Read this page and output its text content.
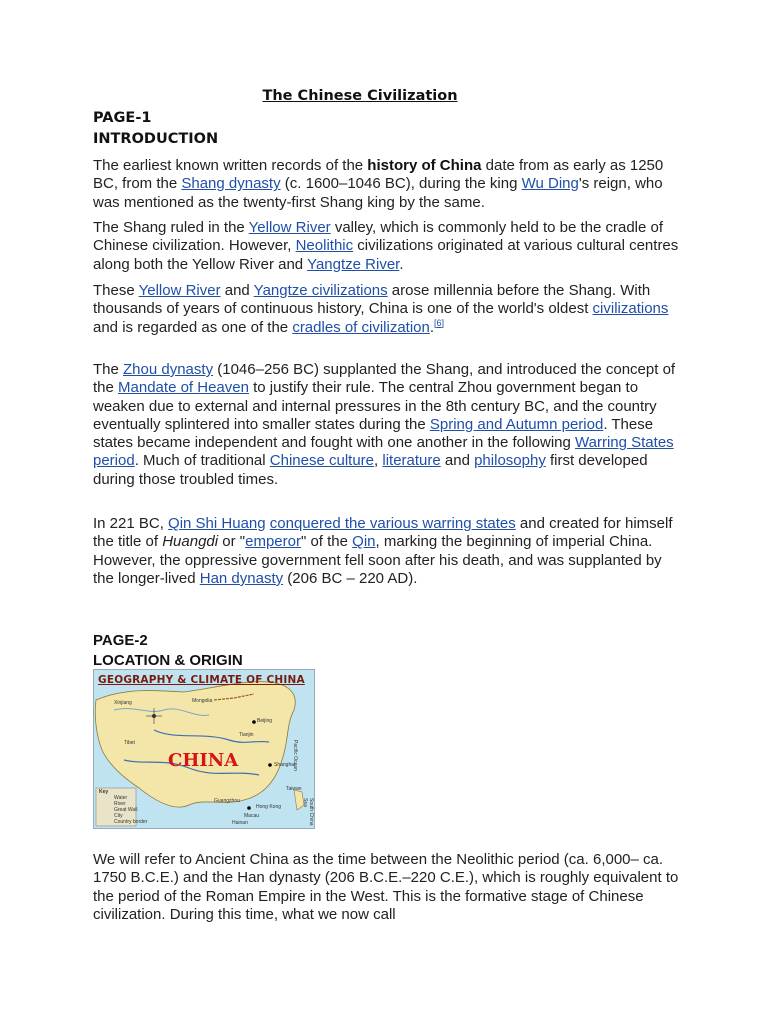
The Chinese Civilization
PAGE-1
INTRODUCTION
The earliest known written records of the history of China date from as early as 1250 BC, from the Shang dynasty (c. 1600–1046 BC), during the king Wu Ding's reign, who was mentioned as the twenty-first Shang king by the same.
The Shang ruled in the Yellow River valley, which is commonly held to be the cradle of Chinese civilization. However, Neolithic civilizations originated at various cultural centres along both the Yellow River and Yangtze River.
These Yellow River and Yangtze civilizations arose millennia before the Shang. With thousands of years of continuous history, China is one of the world's oldest civilizations and is regarded as one of the cradles of civilization.[6]
The Zhou dynasty (1046–256 BC) supplanted the Shang, and introduced the concept of the Mandate of Heaven to justify their rule. The central Zhou government began to weaken due to external and internal pressures in the 8th century BC, and the country eventually splintered into smaller states during the Spring and Autumn period. These states became independent and fought with one another in the following Warring States period. Much of traditional Chinese culture, literature and philosophy first developed during those troubled times.
In 221 BC, Qin Shi Huang conquered the various warring states and created for himself the title of Huangdi or "emperor" of the Qin, marking the beginning of imperial China. However, the oppressive government fell soon after his death, and was supplanted by the longer-lived Han dynasty (206 BC – 220 AD).
PAGE-2
LOCATION & ORIGIN
GEOGRAPHY & CLIMATE OF CHINA
CHINA
Xinjiang	Mongolia
Tibet
Beijing
Tianjin
Shanghai
Guangzhou
Hong Kong
Macau
Taiwan
Hainan
Pacific Ocean
South China Sea
Key
Water
River
Great Wall
City
Country border
We will refer to Ancient China as the time between the Neolithic period (ca. 6,000– ca. 1750 B.C.E.) and the Han dynasty (206 B.C.E.–220 C.E.), which is roughly equivalent to the period of the Roman Empire in the West. This is the formative stage of Chinese civilization. During this time, what we now call
